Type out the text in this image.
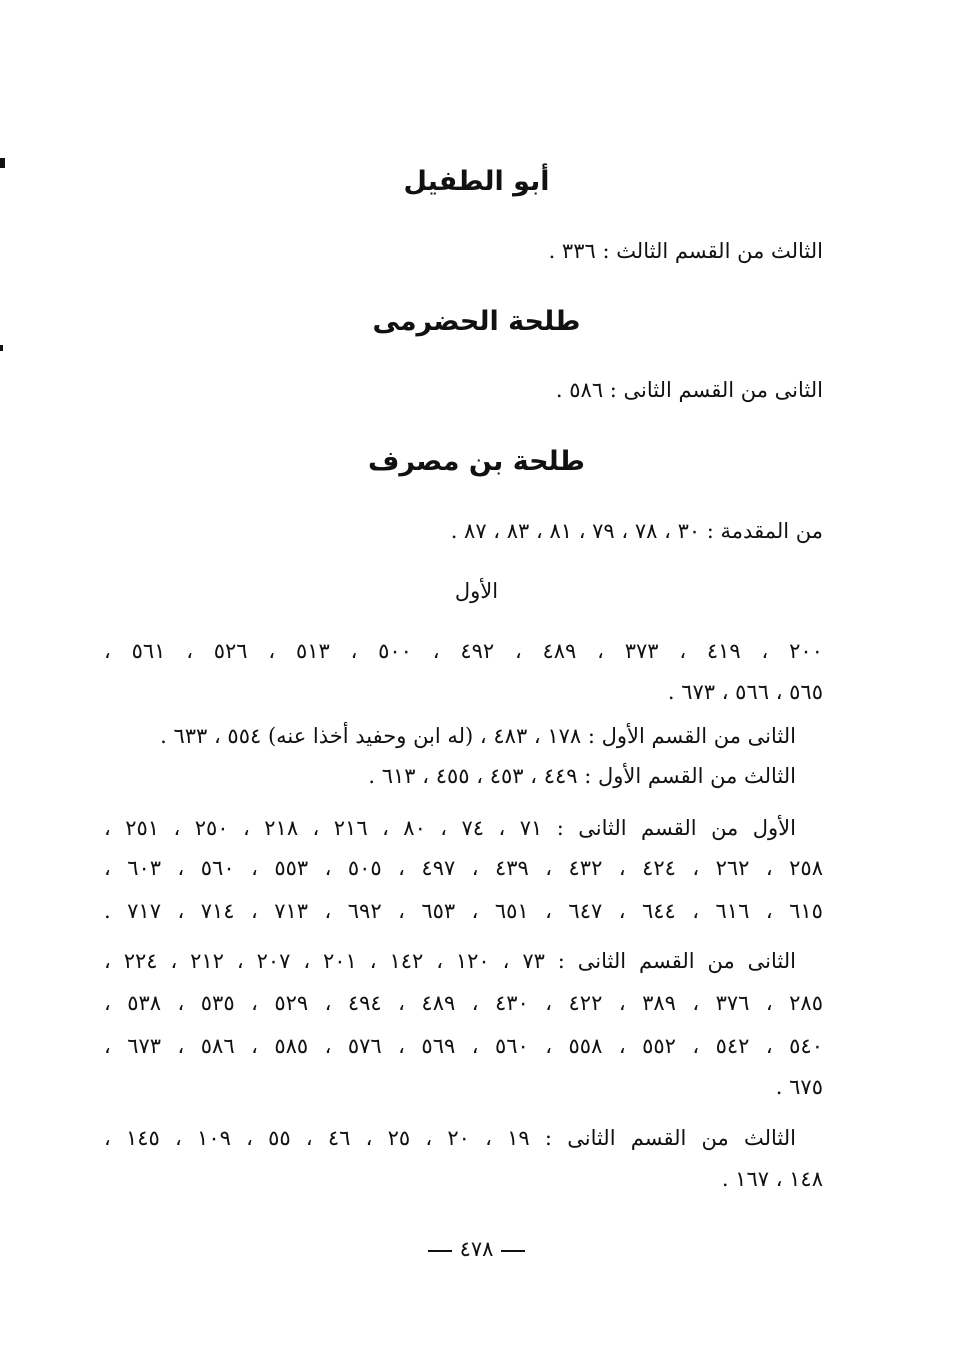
أبو الطفيل
الثالث من القسم الثالث : ٣٣٦ .
طلحة الحضرمى
الثانى من القسم الثانى : ٥٨٦ .
طلحة بن مصرف
من المقدمة : ٣٠ ، ٧٨ ، ٧٩ ، ٨١ ، ٨٣ ، ٨٧ .
الأول
٢٠٠ ، ٤١٩ ، ٣٧٣ ، ٤٨٩ ، ٤٩٢ ، ٥٠٠ ، ٥١٣ ، ٥٢٦ ، ٥٦١ ،
٥٦٥ ، ٥٦٦ ، ٦٧٣ .
الثانى من القسم الأول : ١٧٨ ، ٤٨٣ ، (له ابن وحفيد أخذا عنه) ٥٥٤ ، ٦٣٣ .
الثالث من القسم الأول : ٤٤٩ ، ٤٥٣ ، ٤٥٥ ، ٦١٣ .
الأول من القسم الثانى : ٧١ ، ٧٤ ، ٨٠ ، ٢١٦ ، ٢١٨ ، ٢٥٠ ، ٢٥١ ،
٢٥٨ ، ٢٦٢ ، ٤٢٤ ، ٤٣٢ ، ٤٣٩ ، ٤٩٧ ، ٥٠٥ ، ٥٥٣ ، ٥٦٠ ، ٦٠٣ ،
٦١٥ ، ٦١٦ ، ٦٤٤ ، ٦٤٧ ، ٦٥١ ، ٦٥٣ ، ٦٩٢ ، ٧١٣ ، ٧١٤ ، ٧١٧ .
الثانى من القسم الثانى : ٧٣ ، ١٢٠ ، ١٤٢ ، ٢٠١ ، ٢٠٧ ، ٢١٢ ، ٢٢٤ ،
٢٨٥ ، ٣٧٦ ، ٣٨٩ ، ٤٢٢ ، ٤٣٠ ، ٤٨٩ ، ٤٩٤ ، ٥٢٩ ، ٥٣٥ ، ٥٣٨ ،
٥٤٠ ، ٥٤٢ ، ٥٥٢ ، ٥٥٨ ، ٥٦٠ ، ٥٦٩ ، ٥٧٦ ، ٥٨٥ ، ٥٨٦ ، ٦٧٣ ،
٦٧٥ .
الثالث من القسم الثانى : ١٩ ، ٢٠ ، ٢٥ ، ٤٦ ، ٥٥ ، ١٠٩ ، ١٤٥ ،
١٤٨ ، ١٦٧ .
٤٧٨
